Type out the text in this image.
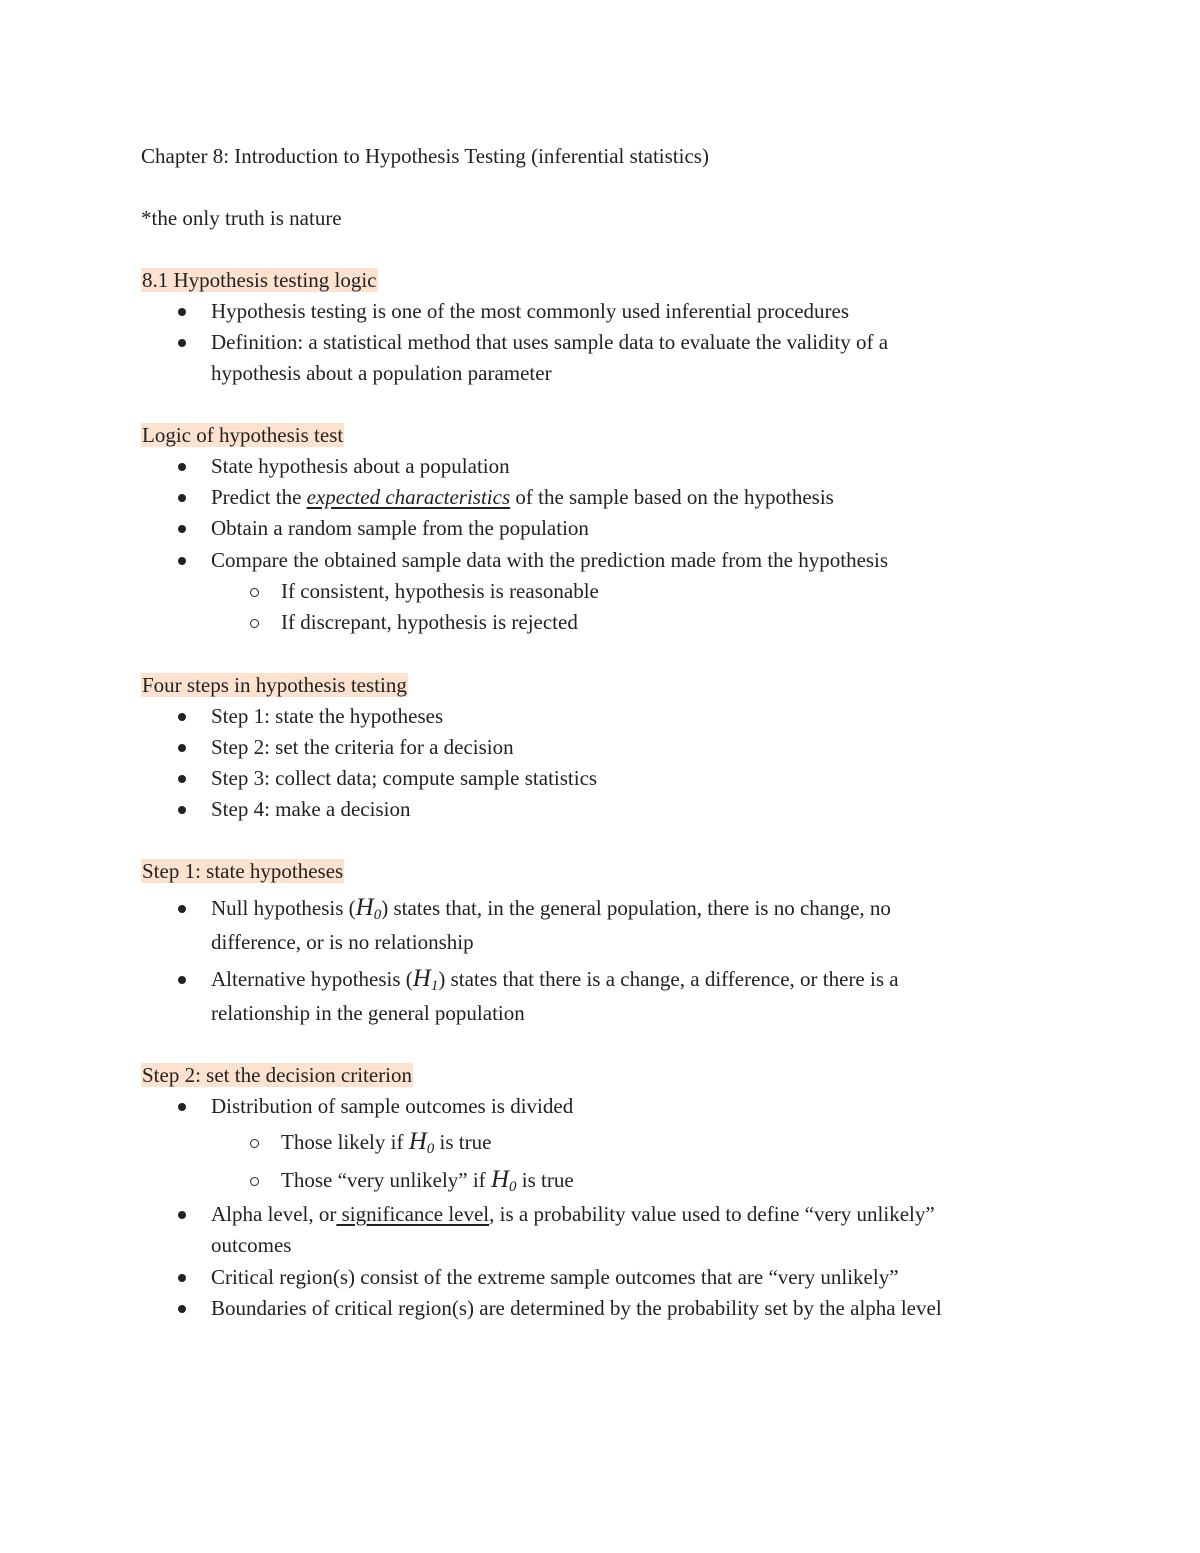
Chapter 8: Introduction to Hypothesis Testing (inferential statistics)
*the only truth is nature
8.1 Hypothesis testing logic
Hypothesis testing is one of the most commonly used inferential procedures
Definition: a statistical method that uses sample data to evaluate the validity of a
hypothesis about a population parameter
Logic of hypothesis test
State hypothesis about a population
Predict the expected characteristics of the sample based on the hypothesis
Obtain a random sample from the population
Compare the obtained sample data with the prediction made from the hypothesis
If consistent, hypothesis is reasonable
If discrepant, hypothesis is rejected
Four steps in hypothesis testing
Step 1: state the hypotheses
Step 2: set the criteria for a decision
Step 3: collect data; compute sample statistics
Step 4: make a decision
Step 1: state hypotheses
Null hypothesis $(H_0)$ states that, in the general population, there is no change, no
difference, or is no relationship
Alternative hypothesis $(H_1)$ states that there is a change, a difference, or there is a
relationship in the general population
Step 2: set the decision criterion
Distribution of sample outcomes is divided
Those likely if $H_0$ is true
Those “very unlikely” if $H_0$ is true
Alpha level, or significance level, is a probability value used to define “very unlikely”
outcomes
Critical region(s) consist of the extreme sample outcomes that are “very unlikely”
Boundaries of critical region(s) are determined by the probability set by the alpha level
